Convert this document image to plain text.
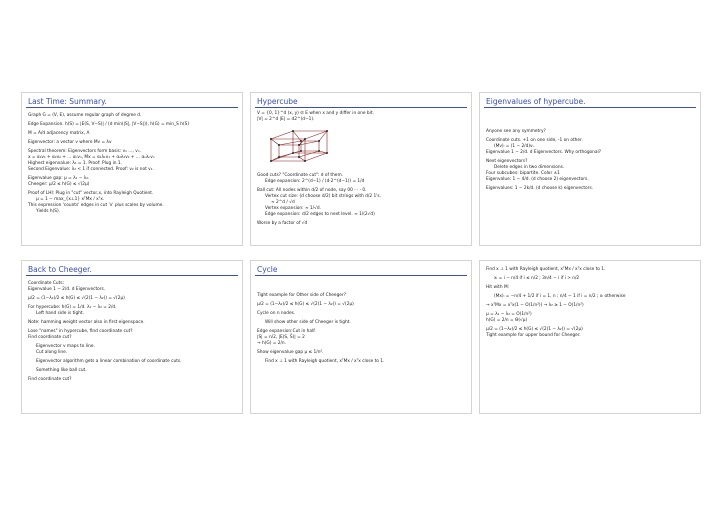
Last Time: Summary.
Graph G = (V, E), assume regular graph of degree d.
Edge Expansion. h(S) = |E(S, V−S)| / (d min(|S|, |V−S|)), h(G) = min_S h(S)
M = A/d adjacency matrix, A
Eigenvector: a vector v where Mv = λv
Spectral theorem: Eigenvectors form basis: v₁ …, vₙ.
x = α₁v₁ + α₂v₂ + … αₙvₙ, Mx = α₁λ₁v₁ + α₂λ₂v₂ + … αₙλₙvₙ
Highest eigenvalue: λ₁ = 1. Proof: Plug in 1.
Second Eigenvalue: λ₂ < 1 if connected. Proof: v₂ is not v₁.
Eigenvalue gap: μ = λ₁ − λ₂.
Cheeger: μ/2 ≤ h(G) ≤ √(2μ)
Proof of LHI: Plug in "cut" vector,x, into Rayleigh Quotient.
μ = 1 − max_{x⊥1} xᵀMx / xᵀx.
This expression 'counts' edges in cut 'x' plus scales by volume.
Yields h(S).
Hypercube
V = {0, 1}^d (x, y) ∈ E when x and y differ in one bit.
|V| = 2^d |E| = d2^(d−1).
Good cuts? "Coordinate cut": d of them.
Edge expansion: 2^(d−1) / (d·2^(d−1)) = 1/d
Ball cut: All nodes within d/2 of node, say 00 · · · 0.
Vertex cut size: (d choose d/2) bit strings with d/2 1's.
≈ 2^d / √d
Vertex expansion: ≈ 1/√d.
Edge expansion: d/2 edges to next level. ≈ 1/(2√d)
Worse by a factor of √d
Eigenvalues of hypercube.
Anyone see any symmetry?
Coordinate cuts. +1 on one side, -1 on other.
(Mv)ᵢ = (1 − 2/d)vᵢ.
Eigenvalue 1 − 2/d. d Eigenvectors. Why orthogonal?
Next eigenvectors?
Delete edges in two dimensions.
Four subcubes: bipartite. Color ±1
Eigenvalue: 1 − 4/d. (d choose 2) eigenvectors.
Eigenvalues: 1 − 2k/d. (d choose k) eigenvectors.
Back to Cheeger.
Coordinate Cuts:
Eigenvalue 1 − 2/d. d Eigenvectors.
μ/2 = (1−λ₂)/2 ≤ h(G) ≤ √(2(1 − λ₂)) = √(2μ)
For hypercube: h(G) = 1/d. λ₁ − λ₂ = 2/d.
Left hand side is tight.
Note: hamming weight vector also in first eigenspace.
Lose "names" in hypercube, find coordinate cut?
Find coordinate cut?
Eigenvector v maps to line.
Cut along line.
Eigenvector algorithm gets a linear combination of coordinate cuts.
Something like ball cut.
Find coordinate cut?
Cycle
Tight example for Other side of Cheeger?
μ/2 = (1−λ₂)/2 ≤ h(G) ≤ √(2(1 − λ₂)) = √(2μ)
Cycle on n nodes.
Will show other side of Cheeger is tight.
Edge expansion:Cut in half.
|S| = n/2, |E(S, S̄)| = 2
→ h(G) = 2/n.
Show eigenvalue gap μ ≤ 1/n².
Find x ⊥ 1 with Rayleigh quotient, xᵀMx / xᵀx close to 1.
Find x ⊥ 1 with Rayleigh quotient, xᵀMx / xᵀx close to 1.
xᵢ = i − n/4 if i ≤ n/2 ; 3n/4 − i if i > n/2
Hit with M:
(Mx)ᵢ = −n/4 + 1/2 if i = 1, n ; n/4 − 1 if i = n/2 ; xᵢ otherwise
→ xᵀMx = xᵀx(1 − O(1/n²)) → λ₂ ≥ 1 − O(1/n²)
μ = λ₁ − λ₂ = O(1/n²)
h(G) = 2/n = Θ(√μ)
μ/2 = (1−λ₂)/2 ≤ h(G) ≤ √(2(1 − λ₂)) = √(2μ)
Tight example for upper bound for Cheeger.
